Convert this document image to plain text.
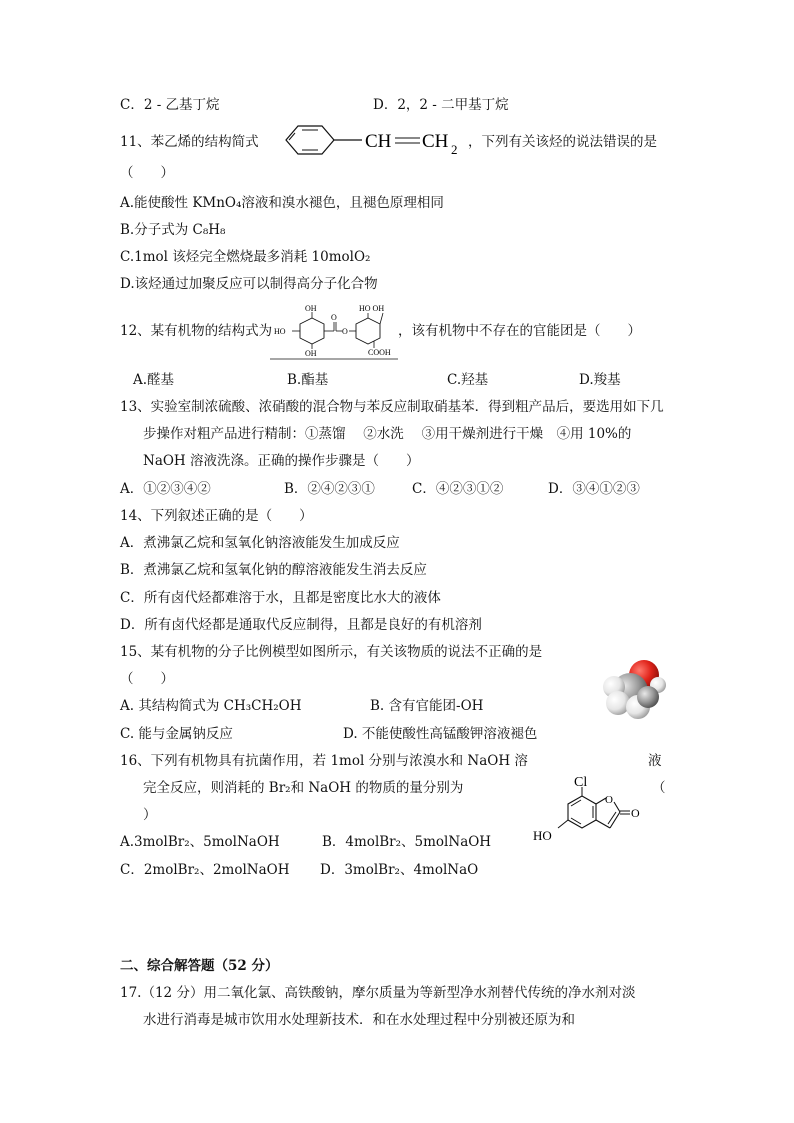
C．2 - 乙基丁烷	D．2，2 - 二甲基丁烷
11、苯乙烯的结构简式	CH CH 2 ，下列有关该烃的说法错误的是
（　　）
A.能使酸性 KMnO₄溶液和溴水褪色，且褪色原理相同
B.分子式为 C₈H₈
C.1mol 该烃完全燃烧最多消耗 10molO₂
D.该烃通过加聚反应可以制得高分子化合物
12、某有机物的结构式为
OH
HO
OH
O
O
HO OH
COOH
，该有机物中不存在的官能团是（　　）
A.醛基	B.酯基	C.羟基	D.羧基
13、实验室制浓硫酸、浓硝酸的混合物与苯反应制取硝基苯．得到粗产品后，要选用如下几
步操作对粗产品进行精制：①蒸馏　 ②水洗　 ③用干燥剂进行干燥　④用 10%的
NaOH 溶液洗涤。正确的操作步骤是（　　）
A．①②③④②	B．②④②③①	C．④②③①②	D．③④①②③
14、下列叙述正确的是（　　）
A．煮沸氯乙烷和氢氧化钠溶液能发生加成反应
B．煮沸氯乙烷和氢氧化钠的醇溶液能发生消去反应
C．所有卤代烃都难溶于水，且都是密度比水大的液体
D．所有卤代烃都是通取代反应制得，且都是良好的有机溶剂
15、某有机物的分子比例模型如图所示，有关该物质的说法不正确的是
（　　）
A. 其结构简式为 CH₃CH₂OH	B. 含有官能团-OH
C. 能与金属钠反应	D. 不能使酸性高锰酸钾溶液褪色
16、下列有机物具有抗菌作用，若 1mol 分别与浓溴水和 NaOH 溶	液
完全反应，则消耗的 Br₂和 NaOH 的物质的量分别为	（
）
O
O
Cl
HO
A.3molBr₂、5molNaOH	B．4molBr₂、5molNaOH
C．2molBr₂、2molNaOH D．3molBr₂、4molNaO
二、综合解答题（52 分）
17.（12 分）用二氧化氯、高铁酸钠，摩尔质量为等新型净水剂替代传统的净水剂对淡
水进行消毒是城市饮用水处理新技术．和在水处理过程中分别被还原为和
